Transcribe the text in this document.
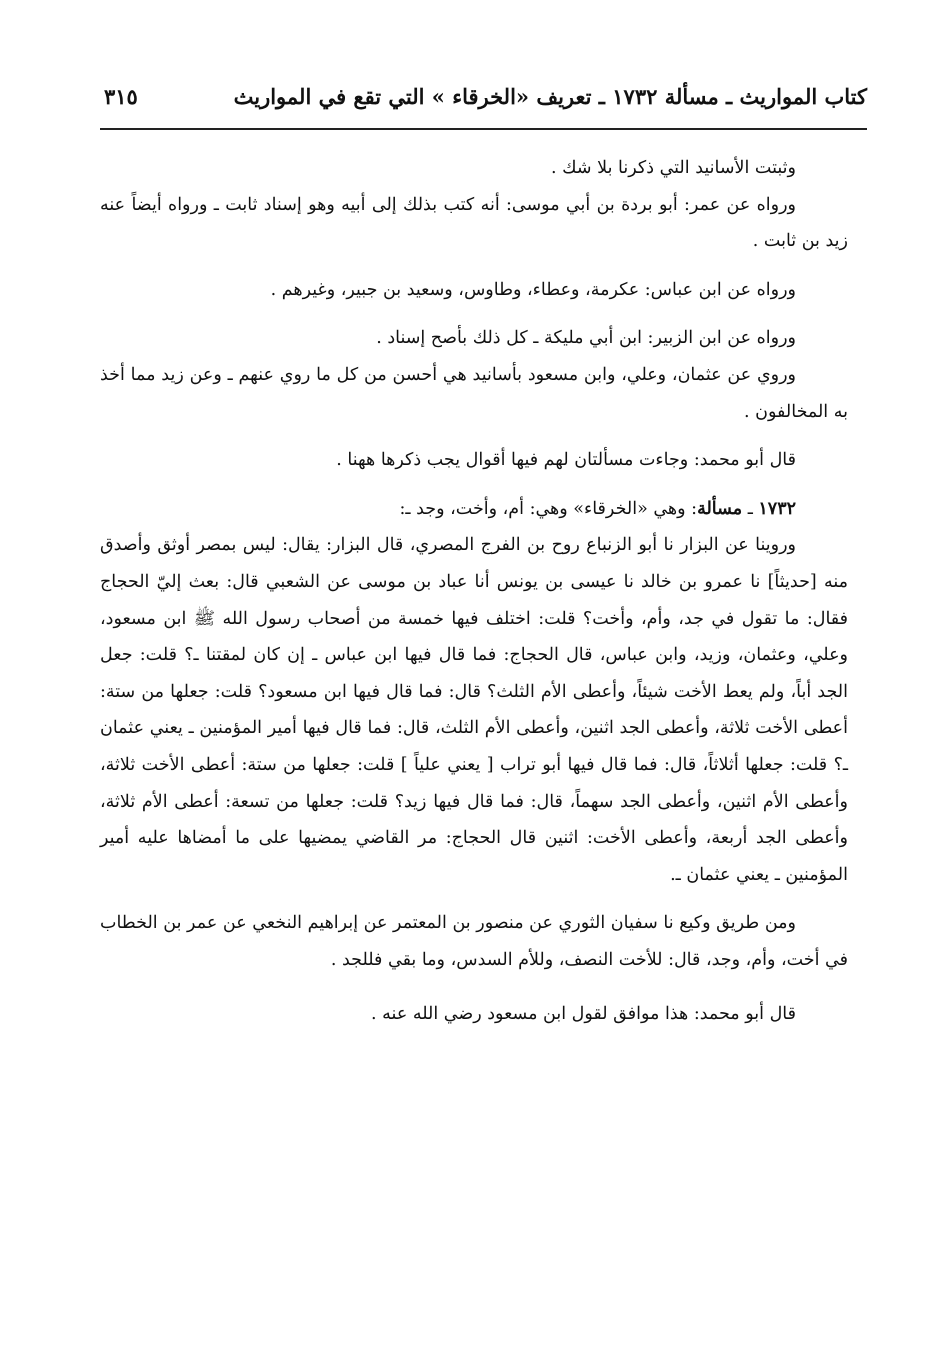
كتاب المواريث ـ مسألة ١٧٣٢ ـ تعريف «الخرقاء » التي تقع في المواريث
٣١٥

وثبتت الأسانيد التي ذكرنا بلا شك .

ورواه عن عمر: أبو بردة بن أبي موسى: أنه كتب بذلك إلى أبيه وهو إسناد ثابت ـ ورواه أيضاً عنه زيد بن ثابت .

ورواه عن ابن عباس: عكرمة، وعطاء، وطاوس، وسعيد بن جبير، وغيرهم .

ورواه عن ابن الزبير: ابن أبي مليكة ـ كل ذلك بأصح إسناد .

وروي عن عثمان، وعلي، وابن مسعود بأسانيد هي أحسن من كل ما روي عنهم ـ وعن زيد مما أخذ به المخالفون .

قال أبو محمد: وجاءت مسألتان لهم فيها أقوال يجب ذكرها ههنا .

١٧٣٢ ـ مسألة: وهي «الخرقاء» وهي: أم، وأخت، وجد ـ:

وروينا عن البزار نا أبو الزنباع روح بن الفرج المصري، قال البزار: يقال: ليس بمصر أوثق وأصدق منه [حديثاً] نا عمرو بن خالد نا عيسى بن يونس أنا عباد بن موسى عن الشعبي قال: بعث إليّ الحجاج فقال: ما تقول في جد، وأم، وأخت؟ قلت: اختلف فيها خمسة من أصحاب رسول الله ﷺ ابن مسعود، وعلي، وعثمان، وزيد، وابن عباس، قال الحجاج: فما قال فيها ابن عباس ـ إن كان لمقتنا ـ؟ قلت: جعل الجد أباً، ولم يعط الأخت شيئاً، وأعطى الأم الثلث؟ قال: فما قال فيها ابن مسعود؟ قلت: جعلها من ستة: أعطى الأخت ثلاثة، وأعطى الجد اثنين، وأعطى الأم الثلث، قال: فما قال فيها أمير المؤمنين ـ يعني عثمان ـ؟ قلت: جعلها أثلاثاً، قال: فما قال فيها أبو تراب [ يعني علياً ] قلت: جعلها من ستة: أعطى الأخت ثلاثة، وأعطى الأم اثنين، وأعطى الجد سهماً، قال: فما قال فيها زيد؟ قلت: جعلها من تسعة: أعطى الأم ثلاثة، وأعطى الجد أربعة، وأعطى الأخت: اثنين قال الحجاج: مر القاضي يمضيها على ما أمضاها عليه أمير المؤمنين ـ يعني عثمان ـ.

ومن طريق وكيع نا سفيان الثوري عن منصور بن المعتمر عن إبراهيم النخعي عن عمر بن الخطاب في أخت، وأم، وجد، قال: للأخت النصف، وللأم السدس، وما بقي فللجد .

قال أبو محمد: هذا موافق لقول ابن مسعود رضي الله عنه .
